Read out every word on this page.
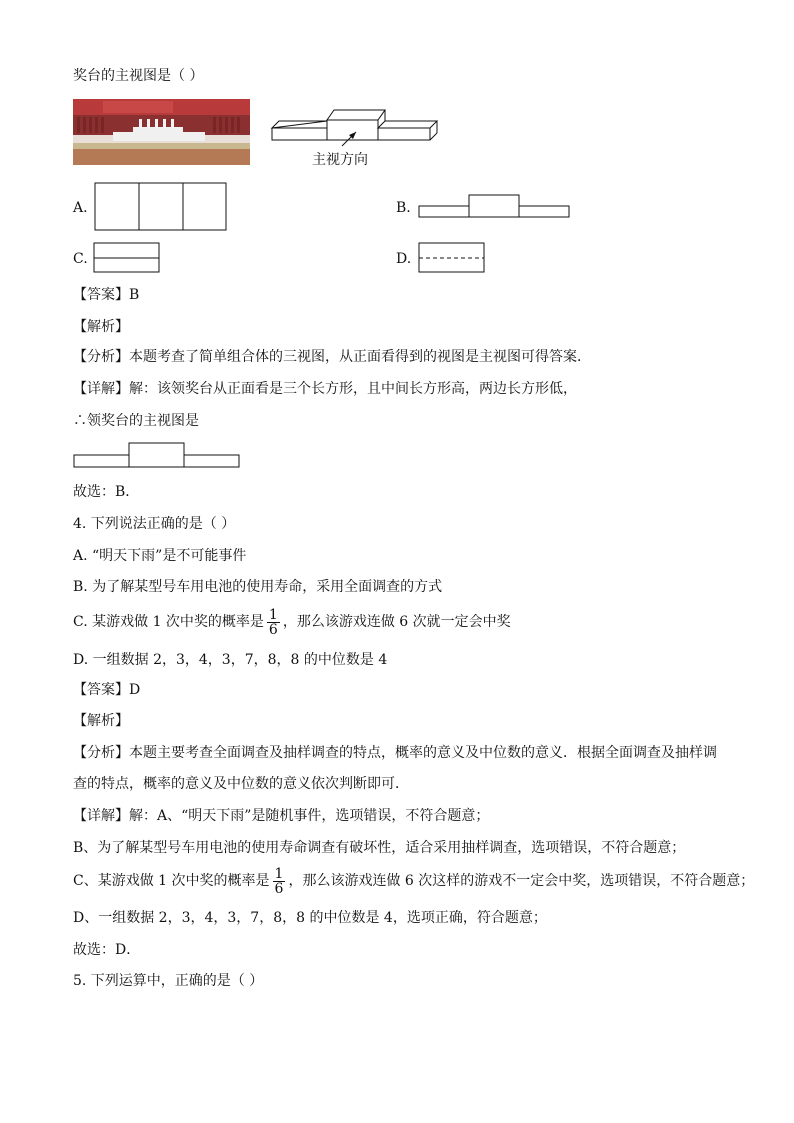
奖台的主视图是（ ）
主视方向
A.	B.
C.	D.
【答案】B
【解析】
【分析】本题考查了简单组合体的三视图，从正面看得到的视图是主视图可得答案．
【详解】解：该领奖台从正面看是三个长方形，且中间长方形高，两边长方形低，
∴领奖台的主视图是
故选：B．
4. 下列说法正确的是（ ）
A. “明天下雨”是不可能事件
B. 为了解某型号车用电池的使用寿命，采用全面调查的方式
C. 某游戏做 1 次中奖的概率是 $\frac{1}{6}$ ，那么该游戏连做 6 次就一定会中奖
D. 一组数据 2，3，4，3，7，8，8 的中位数是 4
【答案】D
【解析】
【分析】本题主要考查全面调查及抽样调查的特点，概率的意义及中位数的意义．根据全面调查及抽样调
查的特点，概率的意义及中位数的意义依次判断即可．
【详解】解：A、“明天下雨”是随机事件，选项错误，不符合题意；
B、为了解某型号车用电池的使用寿命调查有破坏性，适合采用抽样调查，选项错误，不符合题意；
C、某游戏做 1 次中奖的概率是 $\frac{1}{6}$ ，那么该游戏连做 6 次这样的游戏不一定会中奖，选项错误，不符合题意；
D、一组数据 2，3，4，3，7，8，8 的中位数是 4，选项正确，符合题意；
故选：D．
5. 下列运算中，正确的是（ ）
